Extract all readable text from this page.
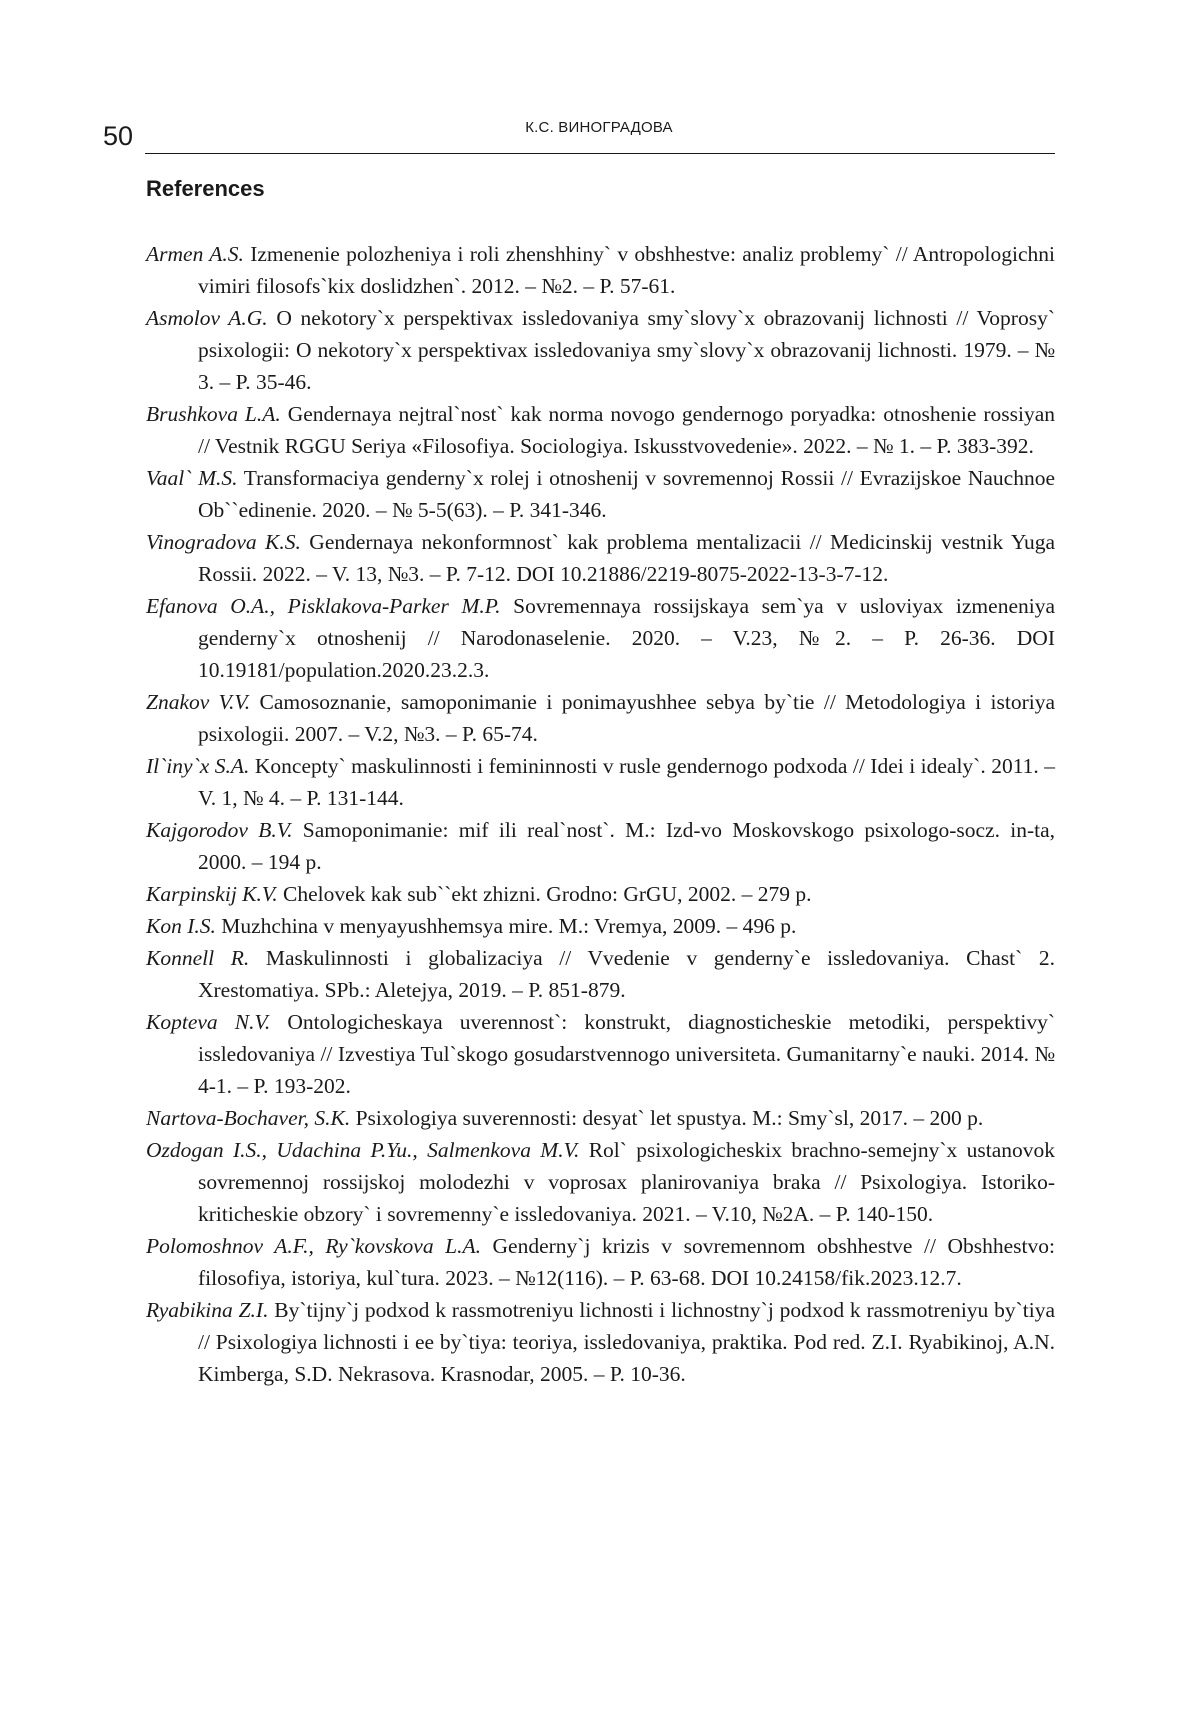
50	К.С. ВИНОГРАДОВА
References
Armen A.S. Izmenenie polozheniya i roli zhenshhiny` v obshhestve: analiz problemy` // Antropologichni vimiri filosofs`kix doslidzhen`. 2012. – №2. – P. 57-61.
Asmolov A.G. O nekotory`x perspektivax issledovaniya smy`slovy`x obrazovanij lichnosti // Voprosy` psixologii: O nekotory`x perspektivax issledovaniya smy`slovy`x obrazovanij lichnosti. 1979. – № 3. – P. 35-46.
Brushkova L.A. Gendernaya nejtral`nost` kak norma novogo gendernogo poryadka: otnoshenie rossiyan // Vestnik RGGU Seriya «Filosofiya. Sociologiya. Iskusstvovedenie». 2022. – № 1. – P. 383-392.
Vaal` M.S. Transformaciya genderny`x rolej i otnoshenij v sovremennoj Rossii // Evrazijskoe Nauchnoe Ob``edinenie. 2020. – № 5-5(63). – P. 341-346.
Vinogradova K.S. Gendernaya nekonformnost` kak problema mentalizacii // Medicinskij vestnik Yuga Rossii. 2022. – V. 13, №3. – P. 7-12. DOI 10.21886/2219-8075-2022-13-3-7-12.
Efanova O.A., Pisklakova-Parker M.P. Sovremennaya rossijskaya sem`ya v usloviyax izmeneniya genderny`x otnoshenij // Narodonaselenie. 2020. – V.23, №2. – P. 26-36. DOI 10.19181/population.2020.23.2.3.
Znakov V.V. Camosoznanie, samoponimanie i ponimayushhee sebya by`tie // Metodologiya i istoriya psixologii. 2007. – V.2, №3. – P. 65-74.
Il`iny`x S.A. Koncepty` maskulinnosti i femininnosti v rusle gendernogo podxoda // Idei i idealy`. 2011. – V. 1, № 4. – P. 131-144.
Kajgorodov B.V. Samoponimanie: mif ili real`nost`. M.: Izd-vo Moskovskogo psixologo-socz. in-ta, 2000. – 194 p.
Karpinskij K.V. Chelovek kak sub``ekt zhizni. Grodno: GrGU, 2002. – 279 p.
Kon I.S. Muzhchina v menyayushhemsya mire. M.: Vremya, 2009. – 496 p.
Konnell R. Maskulinnosti i globalizaciya // Vvedenie v genderny`e issledovaniya. Chast` 2. Xrestomatiya. SPb.: Aletejya, 2019. – P. 851-879.
Kopteva N.V. Ontologicheskaya uverennost`: konstrukt, diagnosticheskie metodiki, perspektivy` issledovaniya // Izvestiya Tul`skogo gosudarstvennogo universiteta. Gumanitarny`e nauki. 2014. № 4-1. – P. 193-202.
Nartova-Bochaver, S.K. Psixologiya suverennosti: desyat` let spustya. M.: Smy`sl, 2017. – 200 p.
Ozdogan I.S., Udachina P.Yu., Salmenkova M.V. Rol` psixologicheskix brachno-semejny`x ustanovok sovremennoj rossijskoj molodezhi v voprosax planirovaniya braka // Psixologiya. Istoriko-kriticheskie obzory` i sovremenny`e issledovaniya. 2021. – V.10, №2A. – P. 140-150.
Polomoshnov A.F., Ry`kovskova L.A. Genderny`j krizis v sovremennom obshhestve // Obshhestvo: filosofiya, istoriya, kul`tura. 2023. – №12(116). – P. 63-68. DOI 10.24158/fik.2023.12.7.
Ryabikina Z.I. By`tijny`j podxod k rassmotreniyu lichnosti i lichnostny`j podxod k rassmotreniyu by`tiya // Psixologiya lichnosti i ee by`tiya: teoriya, issledovaniya, praktika. Pod red. Z.I. Ryabikinoj, A.N. Kimberga, S.D. Nekrasova. Krasnodar, 2005. – P. 10-36.
